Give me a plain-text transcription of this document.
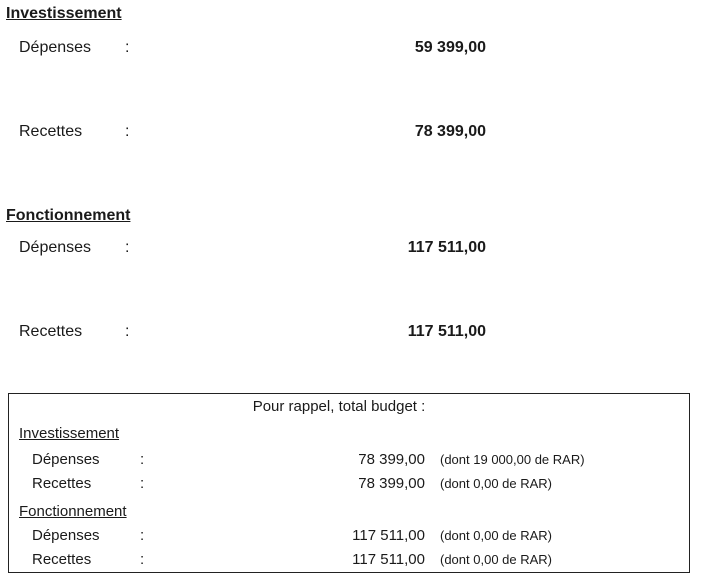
Investissement
Dépenses :	59 399,00
Recettes	:	78 399,00
Fonctionnement
Dépenses :	117 511,00
Recettes	:	117 511,00
Pour rappel, total budget :
Investissement
Dépenses	:	78 399,00 (dont 19 000,00 de RAR)
Recettes	:	78 399,00 (dont 0,00 de RAR)
Fonctionnement
Dépenses	:	117 511,00 (dont 0,00 de RAR)
Recettes	:	117 511,00 (dont 0,00 de RAR)
